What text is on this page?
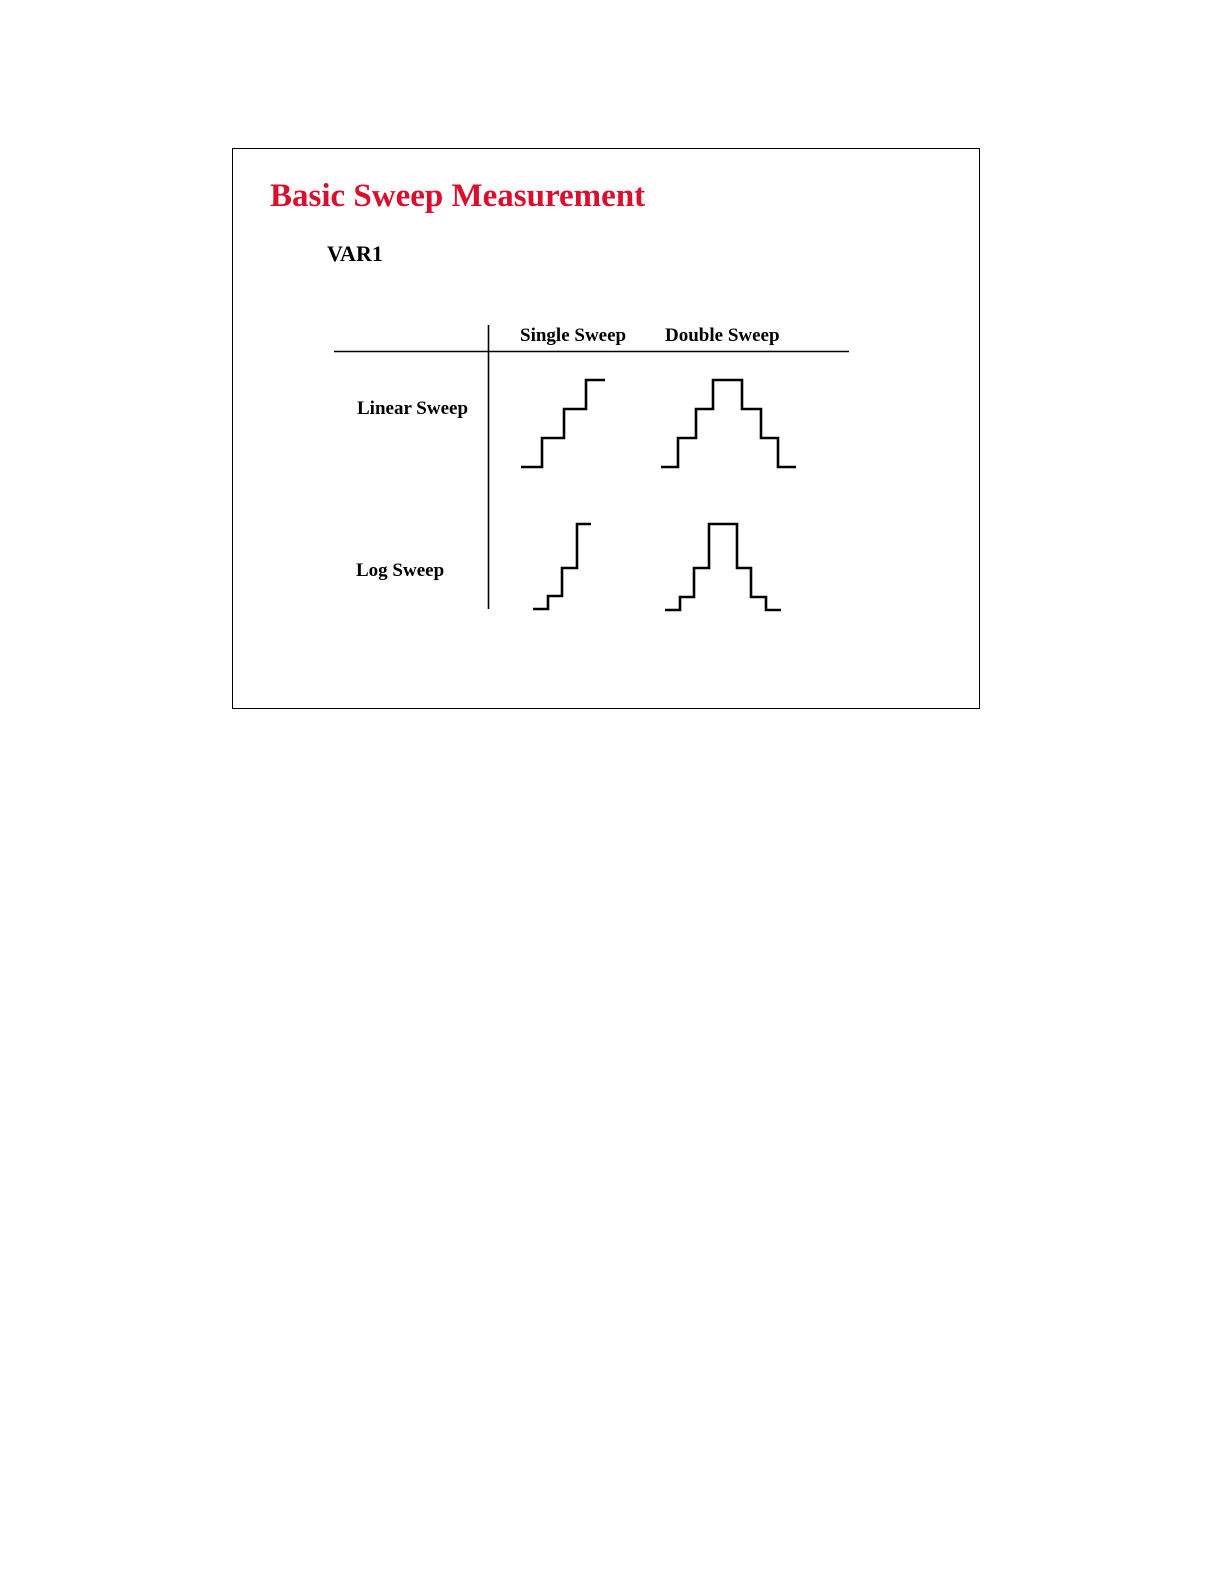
Basic Sweep Measurement
VAR1
Single Sweep Double Sweep
Linear Sweep
Log Sweep
